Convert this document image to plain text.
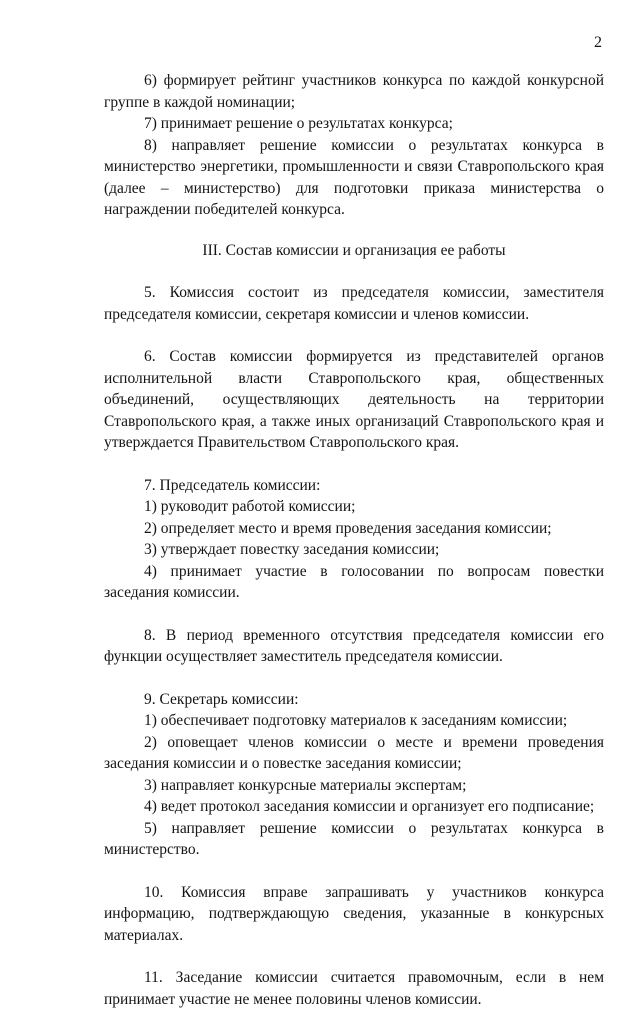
2

6) формирует рейтинг участников конкурса по каждой конкурсной группе в каждой номинации;

7) принимает решение о результатах конкурса;

8) направляет решение комиссии о результатах конкурса в министерство энергетики, промышленности и связи Ставропольского края (далее – министерство) для подготовки приказа министерства о награждении победителей конкурса.

III. Состав комиссии и организация ее работы

5. Комиссия состоит из председателя комиссии, заместителя председателя комиссии, секретаря комиссии и членов комиссии.

6. Состав комиссии формируется из представителей органов исполнительной власти Ставропольского края, общественных объединений, осуществляющих деятельность на территории Ставропольского края, а также иных организаций Ставропольского края и утверждается Правительством Ставропольского края.

7. Председатель комиссии:

1) руководит работой комиссии;

2) определяет место и время проведения заседания комиссии;

3) утверждает повестку заседания комиссии;

4) принимает участие в голосовании по вопросам повестки заседания комиссии.

8. В период временного отсутствия председателя комиссии его функции осуществляет заместитель председателя комиссии.

9. Секретарь комиссии:

1) обеспечивает подготовку материалов к заседаниям комиссии;

2) оповещает членов комиссии о месте и времени проведения заседания комиссии и о повестке заседания комиссии;

3) направляет конкурсные материалы экспертам;

4) ведет протокол заседания комиссии и организует его подписание;

5) направляет решение комиссии о результатах конкурса в министерство.

10. Комиссия вправе запрашивать у участников конкурса информацию, подтверждающую сведения, указанные в конкурсных материалах.

11. Заседание комиссии считается правомочным, если в нем принимает участие не менее половины членов комиссии.
